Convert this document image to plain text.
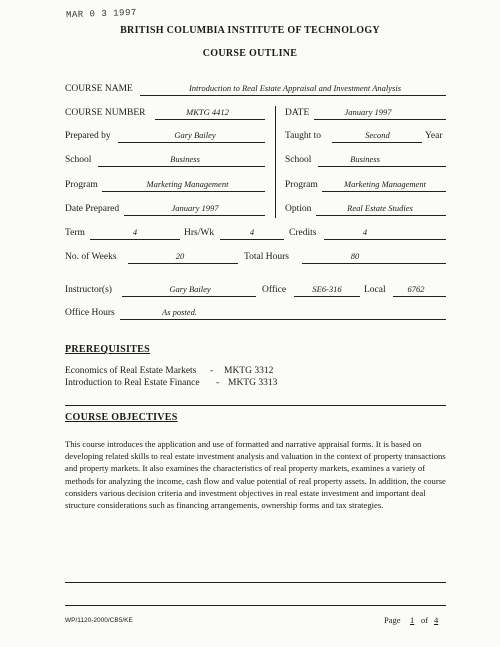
MAR 0 3 1997
BRITISH COLUMBIA INSTITUTE OF TECHNOLOGY
COURSE OUTLINE
COURSE NAME	Introduction to Real Estate Appraisal and Investment Analysis
COURSE NUMBER	MKTG 4412	DATE	January 1997
Prepared by	Gary Bailey	Taught to	Second	Year
School	Business	School	Business
Program	Marketing Management	Program	Marketing Management
Date Prepared	January 1997	Option	Real Estate Studies
Term	4	Hrs/Wk	4	Credits	4
No. of Weeks	20	Total Hours	80
Instructor(s)	Gary Bailey	Office	SE6-316	Local	6762
Office Hours	As posted.
PREREQUISITES
Economics of Real Estate Markets - MKTG 3312
Introduction to Real Estate Finance - MKTG 3313
COURSE OBJECTIVES
This course introduces the application and use of formatted and narrative appraisal forms. It is based on developing related skills to real estate investment analysis and valuation in the context of property transactions and property markets. It also examines the characteristics of real property markets, examines a variety of methods for analyzing the income, cash flow and value potential of real property assets. In addition, the course considers various decision criteria and investment objectives in real estate investment and important deal structure considerations such as financing arrangements, ownership forms and tax strategies.
WP/1120-2000/CB5/KE	Page 1 of 4
